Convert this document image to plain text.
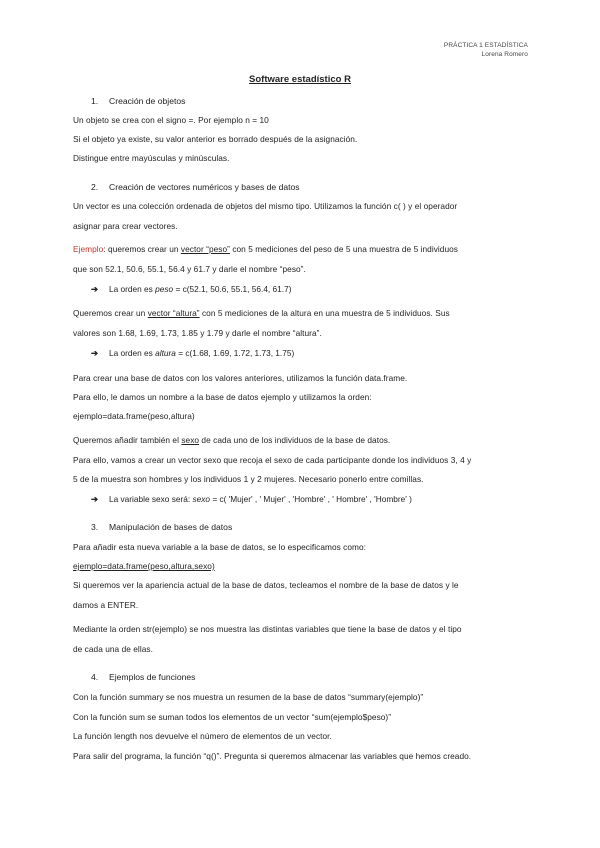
PRÁCTICA 1 ESTADÍSTICA
Lorena Romero
Software estadístico R
1. Creación de objetos
Un objeto se crea con el signo =. Por ejemplo n = 10
Si el objeto ya existe, su valor anterior es borrado después de la asignación.
Distingue entre mayúsculas y minúsculas.
2. Creación de vectores numéricos y bases de datos
Un vector es una colección ordenada de objetos del mismo tipo. Utilizamos la función c( ) y el operador
asignar para crear vectores.
Ejemplo: queremos crear un vector “peso” con 5 mediciones del peso de 5 una muestra de 5 individuos
que son 52.1, 50.6, 55.1, 56.4 y 61.7 y darle el nombre “peso”.
➔ La orden es peso = c(52.1, 50.6, 55.1, 56.4, 61.7)
Queremos crear un vector “altura” con 5 mediciones de la altura en una muestra de 5 individuos. Sus
valores son 1.68, 1.69, 1.73, 1.85 y 1.79 y darle el nombre “altura”.
➔ La orden es altura = c(1.68, 1.69, 1.72, 1.73, 1.75)
Para crear una base de datos con los valores anteriores, utilizamos la función data.frame.
Para ello, le damos un nombre a la base de datos ejemplo y utilizamos la orden:
ejemplo=data.frame(peso,altura)
Queremos añadir también el sexo de cada uno de los individuos de la base de datos.
Para ello, vamos a crear un vector sexo que recoja el sexo de cada participante donde los individuos 3, 4 y
5 de la muestra son hombres y los individuos 1 y 2 mujeres. Necesario ponerlo entre comillas.
➔ La variable sexo será: sexo = c( 'Mujer' , ' Mujer' , 'Hombre' , ' Hombre' , 'Hombre' )
3. Manipulación de bases de datos
Para añadir esta nueva variable a la base de datos, se lo especificamos como:
ejemplo=data.frame(peso,altura,sexo)
Si queremos ver la apariencia actual de la base de datos, tecleamos el nombre de la base de datos y le
damos a ENTER.
Mediante la orden str(ejemplo) se nos muestra las distintas variables que tiene la base de datos y el tipo
de cada una de ellas.
4. Ejemplos de funciones
Con la función summary se nos muestra un resumen de la base de datos “summary(ejemplo)”
Con la función sum se suman todos los elementos de un vector “sum(ejemplo$peso)”
La función length nos devuelve el número de elementos de un vector.
Para salir del programa, la función “q()”. Pregunta si queremos almacenar las variables que hemos creado.
